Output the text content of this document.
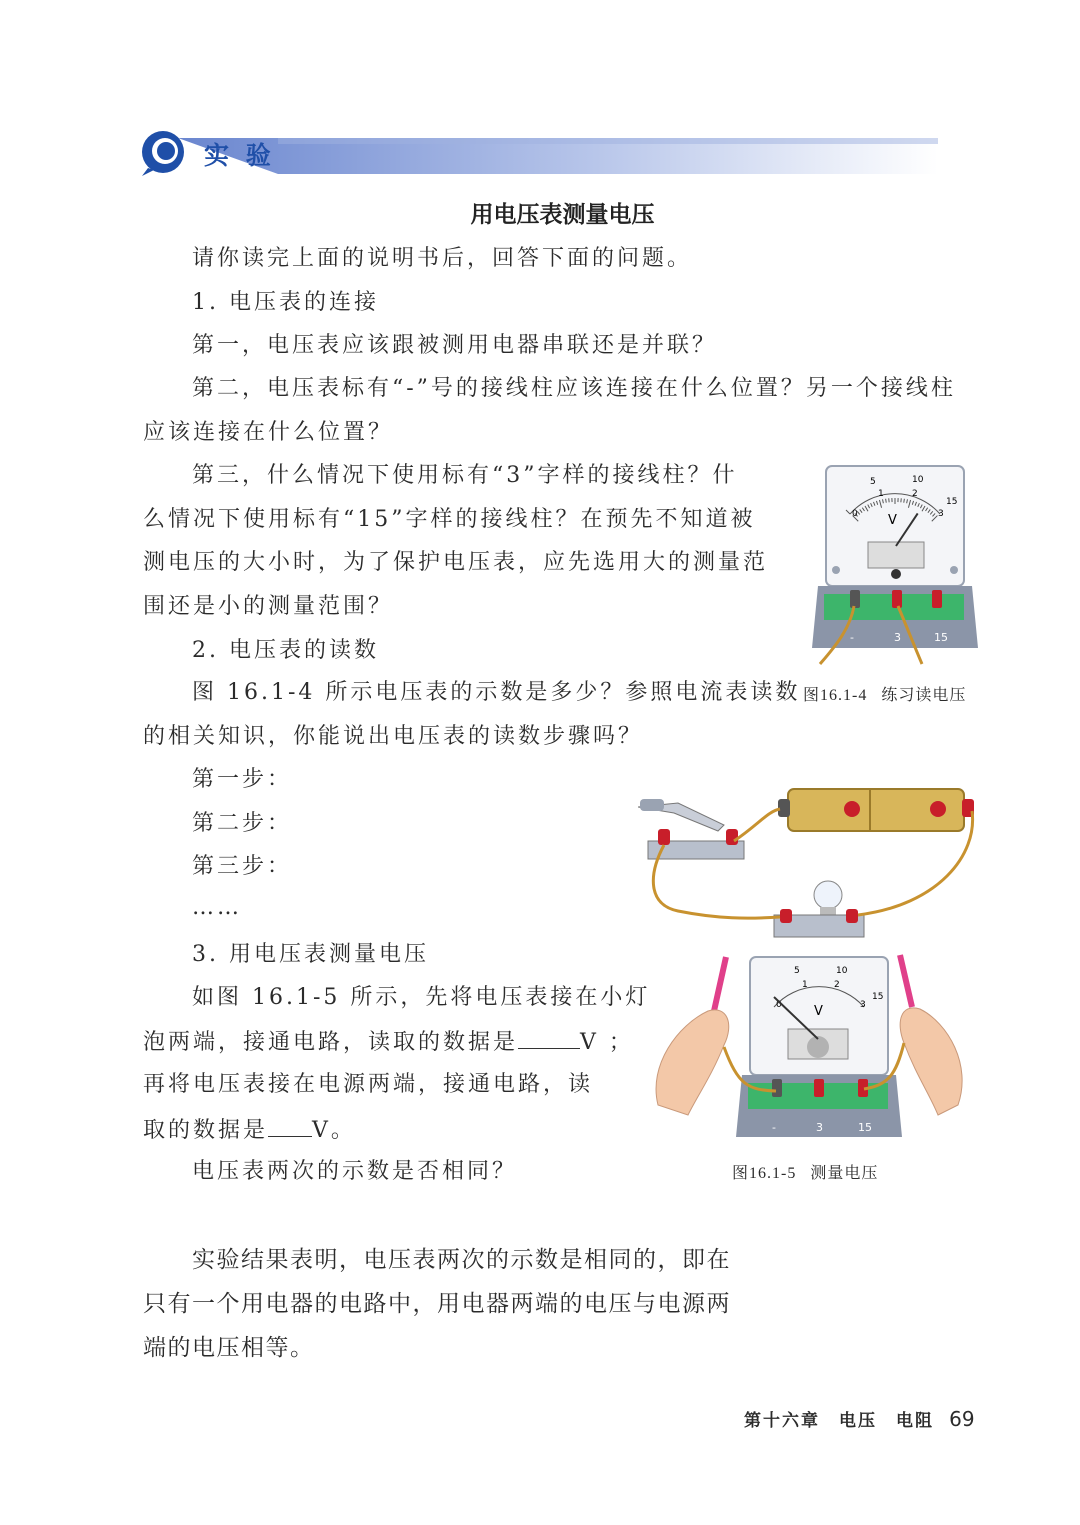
实 验
用电压表测量电压
请你读完上面的说明书后，回答下面的问题。
1. 电压表的连接
第一，电压表应该跟被测用电器串联还是并联？
第二，电压表标有“-”号的接线柱应该连接在什么位置？另一个接线柱
应该连接在什么位置？
第三，什么情况下使用标有“3”字样的接线柱？什
么情况下使用标有“15”字样的接线柱？在预先不知道被
测电压的大小时，为了保护电压表，应先选用大的测量范
围还是小的测量范围？
2. 电压表的读数
图 16.1-4 所示电压表的示数是多少？参照电流表读数
的相关知识，你能说出电压表的读数步骤吗？
第一步：
第二步：
第三步：
……
3. 用电压表测量电压
如图 16.1-5 所示，先将电压表接在小灯
泡两端，接通电路，读取的数据是	V ；
再将电压表接在电源两端，接通电路，读
取的数据是 V。
电压表两次的示数是否相同？
实验结果表明，电压表两次的示数是相同的，即在
只有一个用电器的电路中，用电器两端的电压与电源两
端的电压相等。
0
1	2
3
5	10
15
V
-	3	15
图16.1-4 练习读电压
5	10
15
0
1	2
3
V
-	3	15
图16.1-5 测量电压
第十六章　电压　电阻 69
